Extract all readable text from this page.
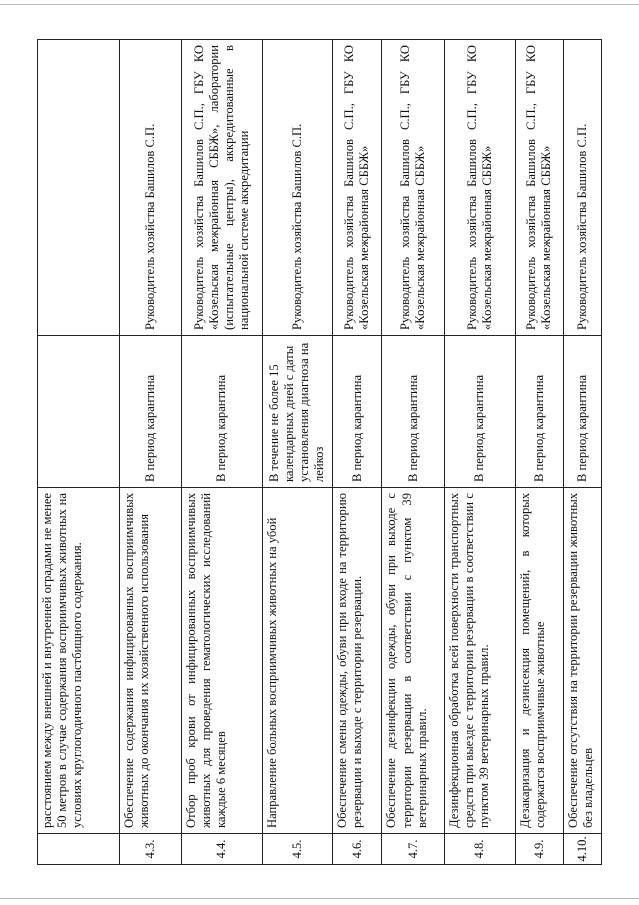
	расстоянием между внешней и внутренней оградами не менее 50 метров в случае содержания восприимчивых животных на условиях круглогодичного пастбищного содержания.		
4.3.	Обеспечение содержания инфицированных восприимчивых животных до окончания их хозяйственного использования	В период карантина	Руководитель хозяйства Башилов С.П.
4.4.	Отбор проб крови от инфицированных восприимчивых животных для проведения гематологических исследований каждые 6 месяцев	В период карантина	Руководитель хозяйства Башилов С.П., ГБУ КО «Козельская межрайонная СББЖ», лаборатории (испытательные центры), аккредитованные в национальной системе аккредитации
4.5.	Направление больных восприимчивых животных на убой	В течение не более 15 календарных дней с даты установления диагноза на лейкоз	Руководитель хозяйства Башилов С.П.
4.6.	Обеспечение смены одежды, обуви при входе на территорию резервации и выходе с территории резервации.	В период карантина	Руководитель хозяйства Башилов С.П., ГБУ КО «Козельская межрайонная СББЖ»
4.7.	Обеспечение дезинфекции одежды, обуви при выходе с территории резервации в соответствии с пунктом 39 ветеринарных правил.	В период карантина	Руководитель хозяйства Башилов С.П., ГБУ КО «Козельская межрайонная СББЖ»
4.8.	Дезинфекционная обработка всей поверхности транспортных средств при выезде с территории резервации в соответствии с пунктом 39 ветеринарных правил.	В период карантина	Руководитель хозяйства Башилов С.П., ГБУ КО «Козельская межрайонная СББЖ»
4.9.	Дезакаризация и дезинсекция помещений, в которых содержатся восприимчивые животные	В период карантина	Руководитель хозяйства Башилов С.П., ГБУ КО «Козельская межрайонная СББЖ»
4.10.	Обеспечение отсутствия на территории резервации животных без владельцев	В период карантина	Руководитель хозяйства Башилов С.П.
